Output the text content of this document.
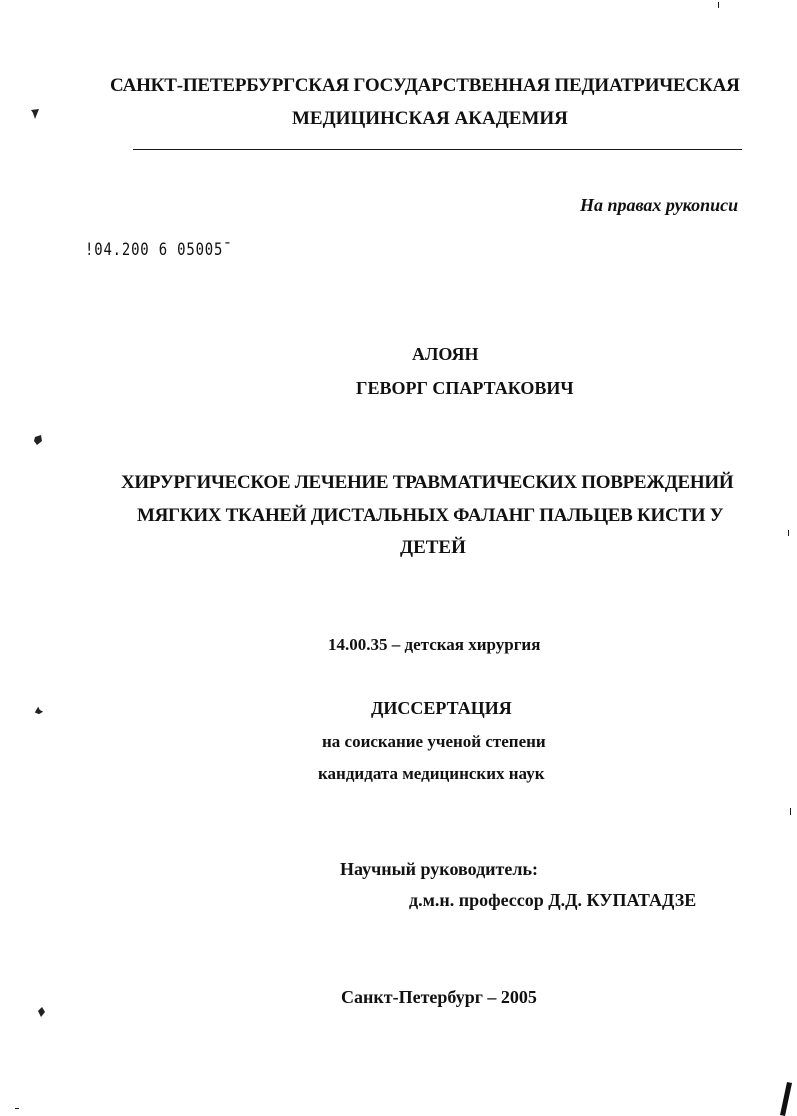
САНКТ-ПЕТЕРБУРГСКАЯ ГОСУДАРСТВЕННАЯ ПЕДИАТРИЧЕСКАЯ
МЕДИЦИНСКАЯ АКАДЕМИЯ
На правах рукописи
!04.200 6 05005ˉ
АЛОЯН
ГЕВОРГ СПАРТАКОВИЧ
ХИРУРГИЧЕСКОЕ ЛЕЧЕНИЕ ТРАВМАТИЧЕСКИХ ПОВРЕЖДЕНИЙ
МЯГКИХ ТКАНЕЙ ДИСТАЛЬНЫХ ФАЛАНГ ПАЛЬЦЕВ КИСТИ У
ДЕТЕЙ
14.00.35 – детская хирургия
ДИССЕРТАЦИЯ
на соискание ученой степени
кандидата медицинских наук
Научный руководитель:
д.м.н. профессор Д.Д. КУПАТАДЗЕ
Санкт-Петербург – 2005
